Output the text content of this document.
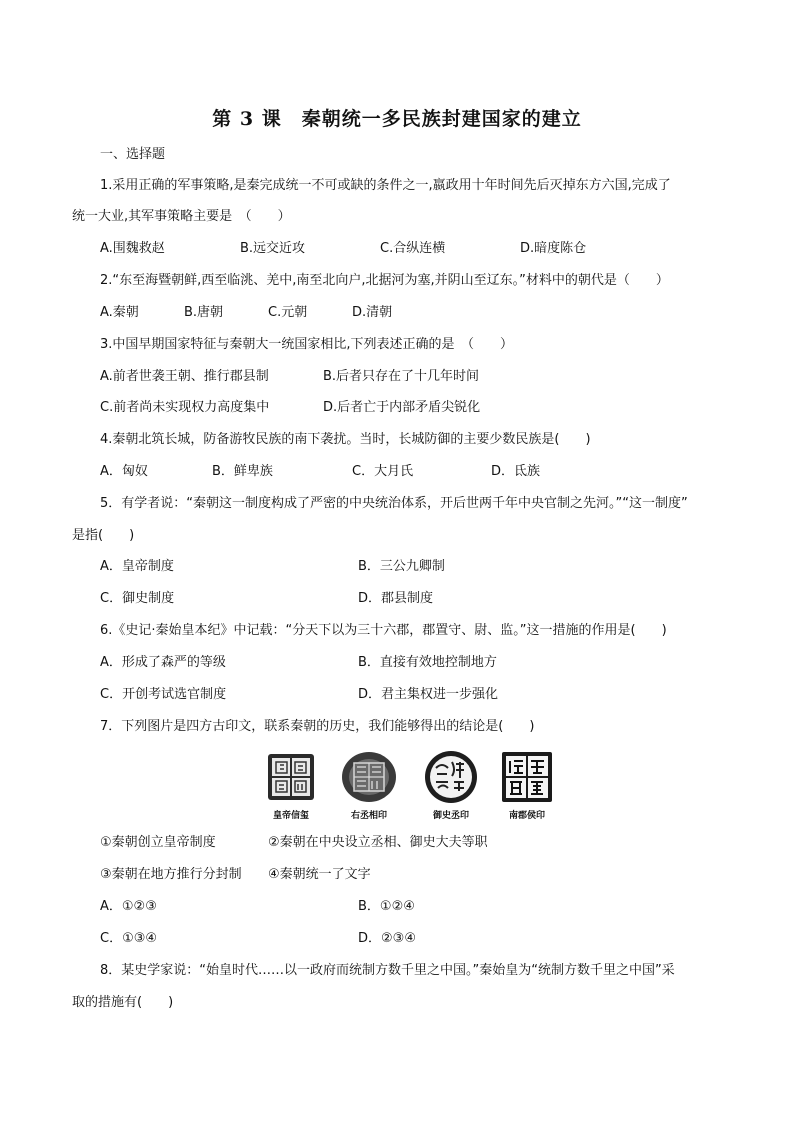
第 3 课　秦朝统一多民族封建国家的建立
一、选择题
1.采用正确的军事策略,是秦完成统一不可或缺的条件之一,嬴政用十年时间先后灭掉东方六国,完成了
统一大业,其军事策略主要是　（　　）
A.围魏救赵	B.远交近攻	C.合纵连横	D.暗度陈仓
2.“东至海暨朝鲜,西至临洮、羌中,南至北向户,北据河为塞,并阴山至辽东。”材料中的朝代是（　　）
A.秦朝	B.唐朝	C.元朝	D.清朝
3.中国早期国家特征与秦朝大一统国家相比,下列表述正确的是　（　　）
A.前者世袭王朝、推行郡县制	B.后者只存在了十几年时间
C.前者尚未实现权力高度集中	D.后者亡于内部矛盾尖锐化
4.秦朝北筑长城，防备游牧民族的南下袭扰。当时，长城防御的主要少数民族是(　　)
A．匈奴	B．鲜卑族	C．大月氏	D．氐族
5．有学者说：“秦朝这一制度构成了严密的中央统治体系，开后世两千年中央官制之先河。”“这一制度”
是指(　　)
A．皇帝制度	B．三公九卿制
C．御史制度	D．郡县制度
6.《史记·秦始皇本纪》中记载：“分天下以为三十六郡，郡置守、尉、监。”这一措施的作用是(　　)
A．形成了森严的等级	B．直接有效地控制地方
C．开创考试选官制度	D．君主集权进一步强化
7．下列图片是四方古印文，联系秦朝的历史，我们能够得出的结论是(　　)
皇帝信玺	右丞相印	御史丞印	南郡侯印
①秦朝创立皇帝制度	②秦朝在中央设立丞相、御史大夫等职
③秦朝在地方推行分封制 ④秦朝统一了文字
A．①②③	B．①②④
C．①③④	D．②③④
8．某史学家说：“始皇时代……以一政府而统制方数千里之中国。”秦始皇为“统制方数千里之中国”采
取的措施有(　　)
